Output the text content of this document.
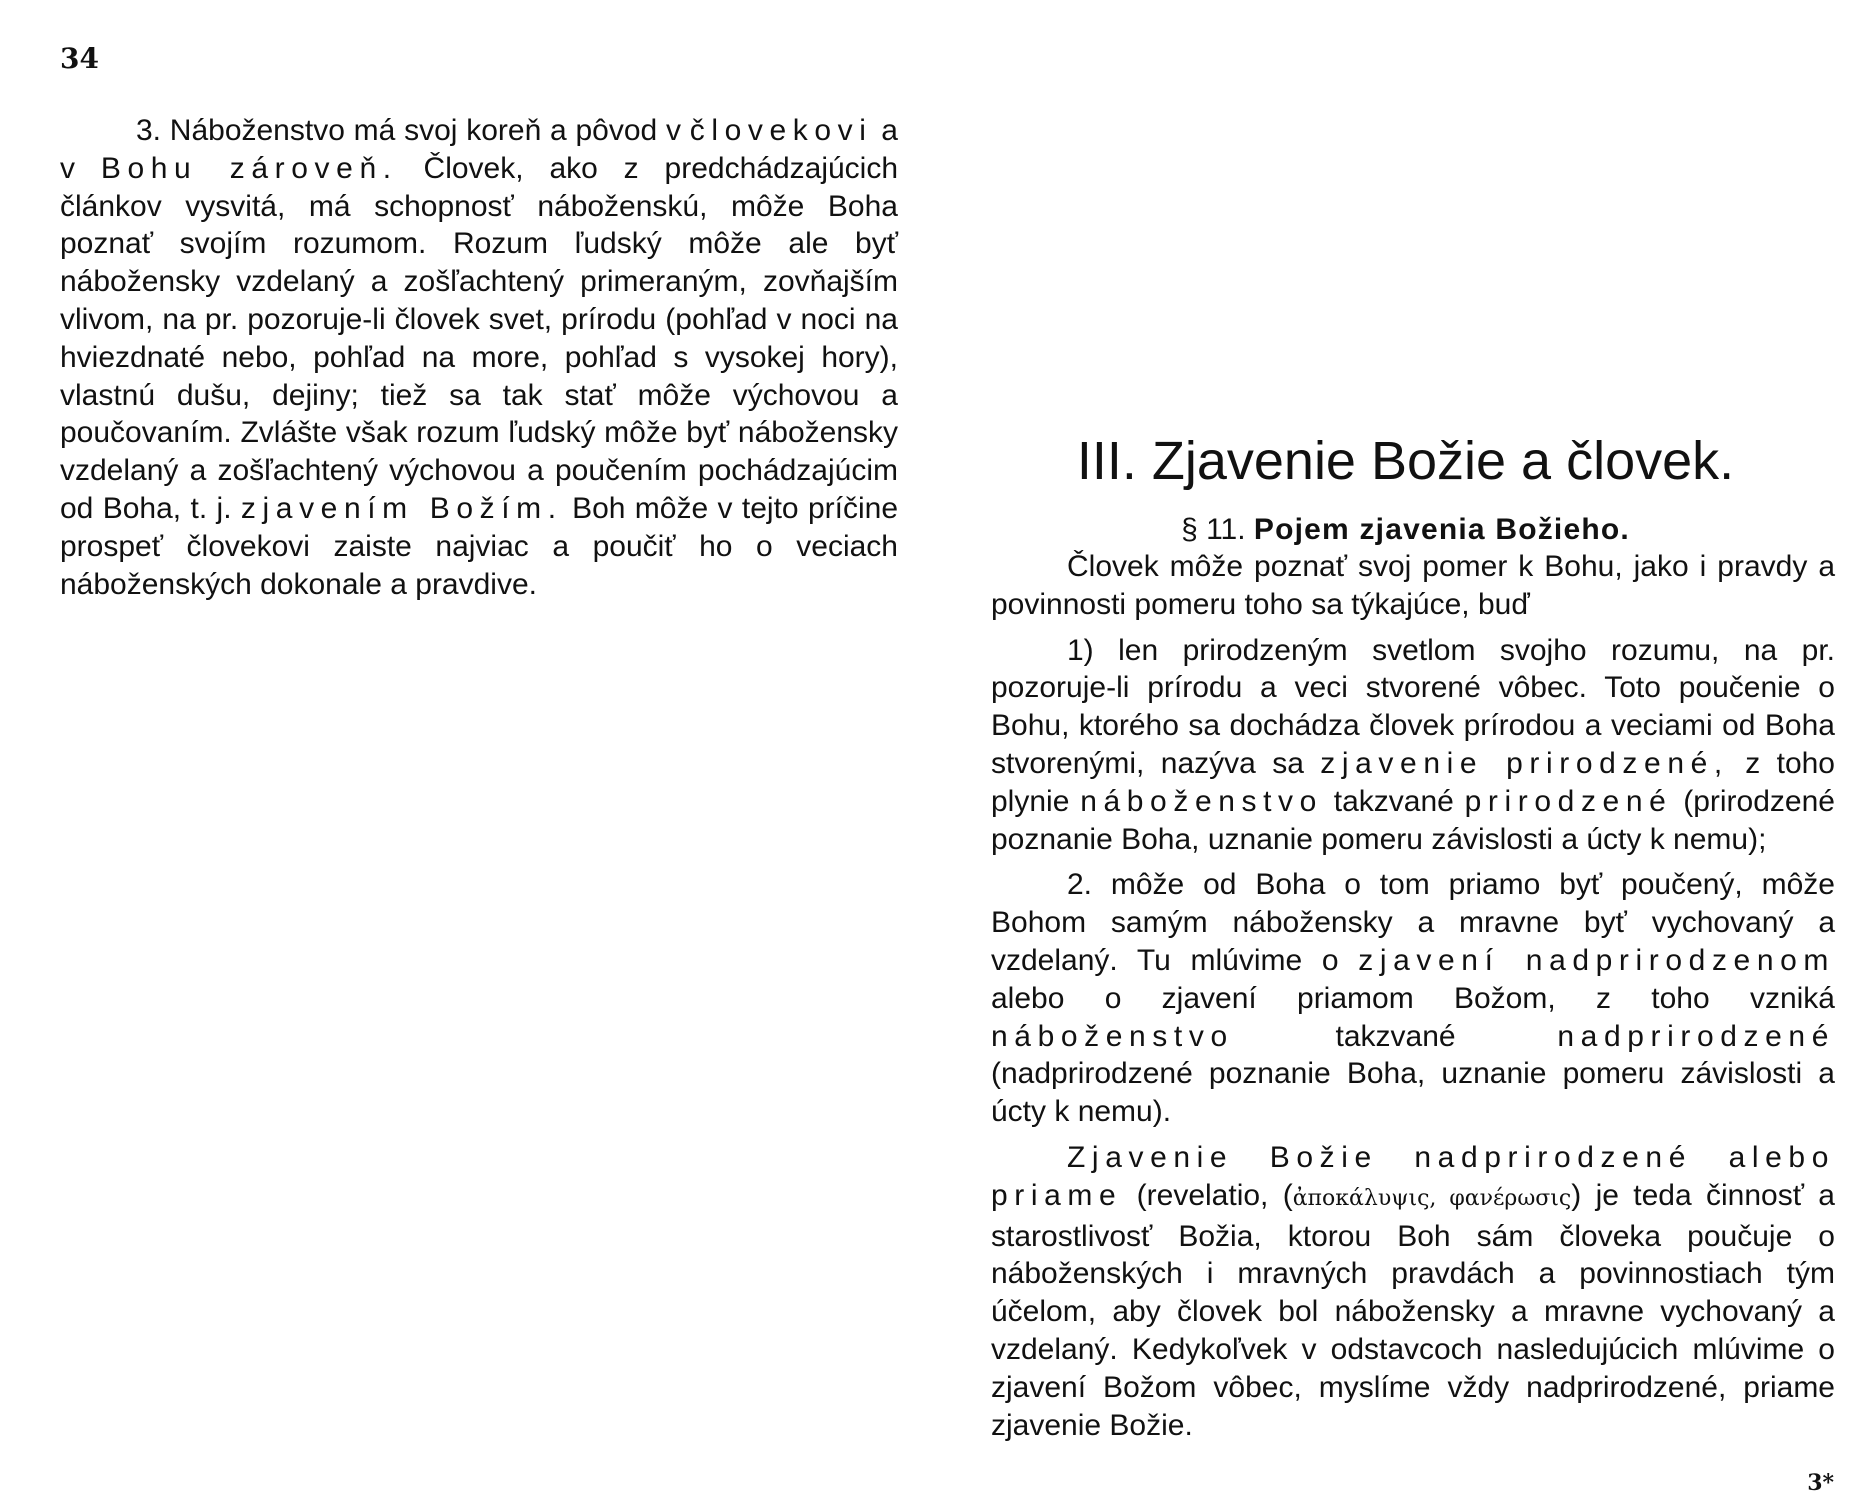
34

3. Náboženstvo má svoj koreň a pôvod v človekovi a v Bohu zároveň. Človek, ako z predchádzajúcich článkov vysvitá, má schopnosť náboženskú, môže Boha poznať svojím rozumom. Rozum ľudský môže ale byť nábožensky vzdelaný a zošľachtený primeraným, zovňajším vlivom, na pr. pozoruje-li človek svet, prírodu (pohľad v noci na hviezdnaté nebo, pohľad na more, pohľad s vysokej hory), vlastnú dušu, dejiny; tiež sa tak stať môže výchovou a poučovaním. Zvlášte však rozum ľudský môže byť nábožensky vzdelaný a zošľachtený výchovou a poučením pochádzajúcim od Boha, t. j. zjavením Božím. Boh môže v tejto príčine prospeť človekovi zaiste najviac a poučiť ho o veciach náboženských dokonale a pravdive.

III. Zjavenie Božie a človek.
§ 11. Pojem zjavenia Božieho.

Človek môže poznať svoj pomer k Bohu, jako i pravdy a povinnosti pomeru toho sa týkajúce, buď

1) len prirodzeným svetlom svojho rozumu, na pr. pozoruje-li prírodu a veci stvorené vôbec. Toto poučenie o Bohu, ktorého sa dochádza človek prírodou a veciami od Boha stvorenými, nazýva sa zjavenie prirodzené, z toho plynie náboženstvo takzvané prirodzené (prirodzené poznanie Boha, uznanie pomeru závislosti a úcty k nemu);

2. môže od Boha o tom priamo byť poučený, môže Bohom samým nábožensky a mravne byť vychovaný a vzdelaný. Tu mlúvime o zjavení nadprirodzenom alebo o zjavení priamom Božom, z toho vzniká náboženstvo	takzvané	nadprirodzené (nadprirodzené poznanie Boha, uznanie pomeru závislosti a úcty k nemu).

Zjavenie Božie nadprirodzené alebo priame (revelatio, (ἀποκάλυψις, φανέρωσις) je teda činnosť a starostlivosť Božia, ktorou Boh sám človeka poučuje o náboženských i mravných pravdách a povinnostiach tým účelom, aby človek bol nábožensky a mravne vychovaný a vzdelaný. Kedykoľvek v odstavcoch nasledujúcich mlúvime o zjavení Božom vôbec, myslíme vždy nadprirodzené, priame zjavenie Božie.

3*
